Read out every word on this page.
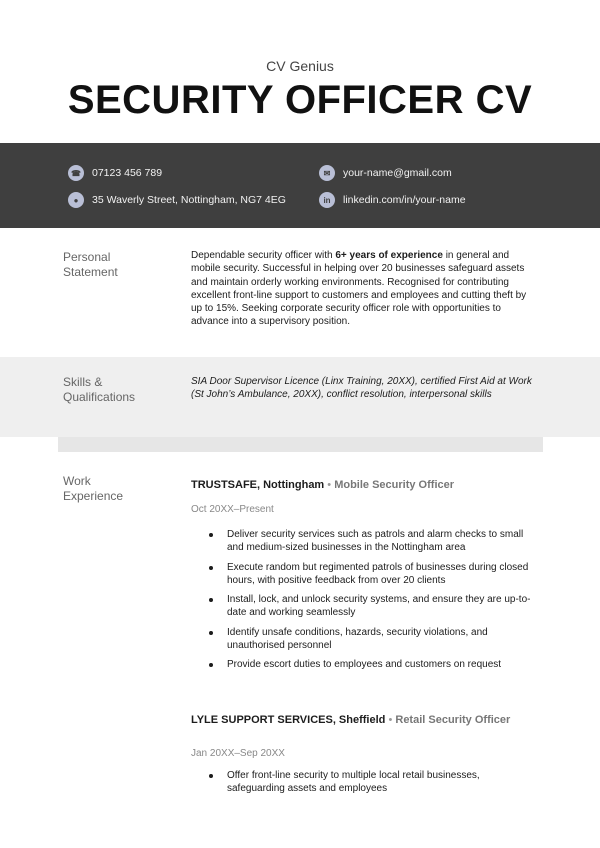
CV Genius
SECURITY OFFICER CV
☎ 07123 456 789	✉	your-name@gmail.com
●	35 Waverly Street, Nottingham, NG7 4EG	in	linkedin.com/in/your-name
Personal
Statement
Dependable security officer with 6+ years of experience in general and mobile security. Successful in helping over 20 businesses safeguard assets and maintain orderly working environments. Recognised for contributing excellent front-line support to customers and employees and cutting theft by up to 15%. Seeking corporate security officer role with opportunities to advance into a supervisory position.
Skills &
Qualifications
SIA Door Supervisor Licence (Linx Training, 20XX), certified First Aid at Work (St John’s Ambulance, 20XX), conflict resolution, interpersonal skills
Work
Experience
TRUSTSAFE, Nottingham • Mobile Security Officer
Oct 20XX–Present
Deliver security services such as patrols and alarm checks to small and medium-sized businesses in the Nottingham area
Execute random but regimented patrols of businesses during closed hours, with positive feedback from over 20 clients
Install, lock, and unlock security systems, and ensure they are up-to-date and working seamlessly
Identify unsafe conditions, hazards, security violations, and unauthorised personnel
Provide escort duties to employees and customers on request
LYLE SUPPORT SERVICES, Sheffield • Retail Security Officer
Jan 20XX–Sep 20XX
Offer front-line security to multiple local retail businesses, safeguarding assets and employees
